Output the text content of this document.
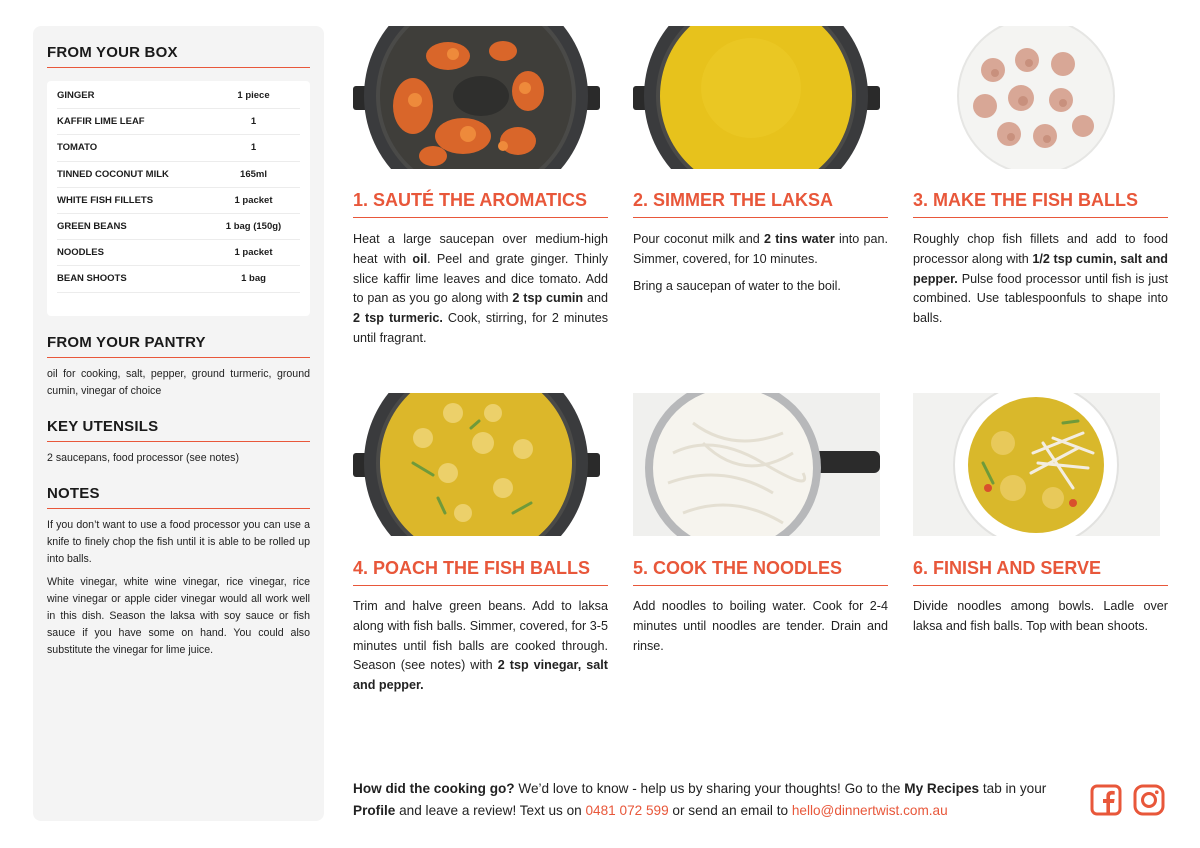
FROM YOUR BOX
GINGER	1 piece
KAFFIR LIME LEAF	1
TOMATO	1
TINNED COCONUT MILK	165ml
WHITE FISH FILLETS	1 packet
GREEN BEANS	1 bag (150g)
NOODLES	1 packet
BEAN SHOOTS	1 bag
FROM YOUR PANTRY

oil for cooking, salt, pepper, ground turmeric, ground cumin, vinegar of choice

KEY UTENSILS

2 saucepans, food processor (see notes)

NOTES

If you don’t want to use a food processor you can use a knife to finely chop the fish until it is able to be rolled up into balls.

White vinegar, white wine vinegar, rice vinegar, rice wine vinegar or apple cider vinegar would all work well in this dish. Season the laksa with soy sauce or fish sauce if you have some on hand. You could also substitute the vinegar for lime juice.

1. SAUTÉ THE AROMATICS	2. SIMMER THE LAKSA	3. MAKE THE FISH BALLS
4. POACH THE FISH BALLS	5. COOK THE NOODLES	6. FINISH AND SERVE

Heat a large saucepan over medium-high heat with oil. Peel and grate ginger. Thinly slice kaffir lime leaves and dice tomato. Add to pan as you go along with 2 tsp cumin and 2 tsp turmeric. Cook, stirring, for 2 minutes until fragrant.

Pour coconut milk and 2 tins water into pan. Simmer, covered, for 10 minutes.

Bring a saucepan of water to the boil.

Roughly chop fish fillets and add to food processor along with 1/2 tsp cumin, salt and pepper. Pulse food processor until fish is just combined. Use tablespoonfuls to shape into balls.

Trim and halve green beans. Add to laksa along with fish balls. Simmer, covered, for 3-5 minutes until fish balls are cooked through. Season (see notes) with 2 tsp vinegar, salt and pepper.

Add noodles to boiling water. Cook for 2-4 minutes until noodles are tender. Drain and rinse.

Divide noodles among bowls. Ladle over laksa and fish balls. Top with bean shoots.

How did the cooking go? We’d love to know - help us by sharing your thoughts! Go to the My Recipes tab in your Profile and leave a review! Text us on 0481 072 599 or send an email to hello@dinnertwist.com.au
